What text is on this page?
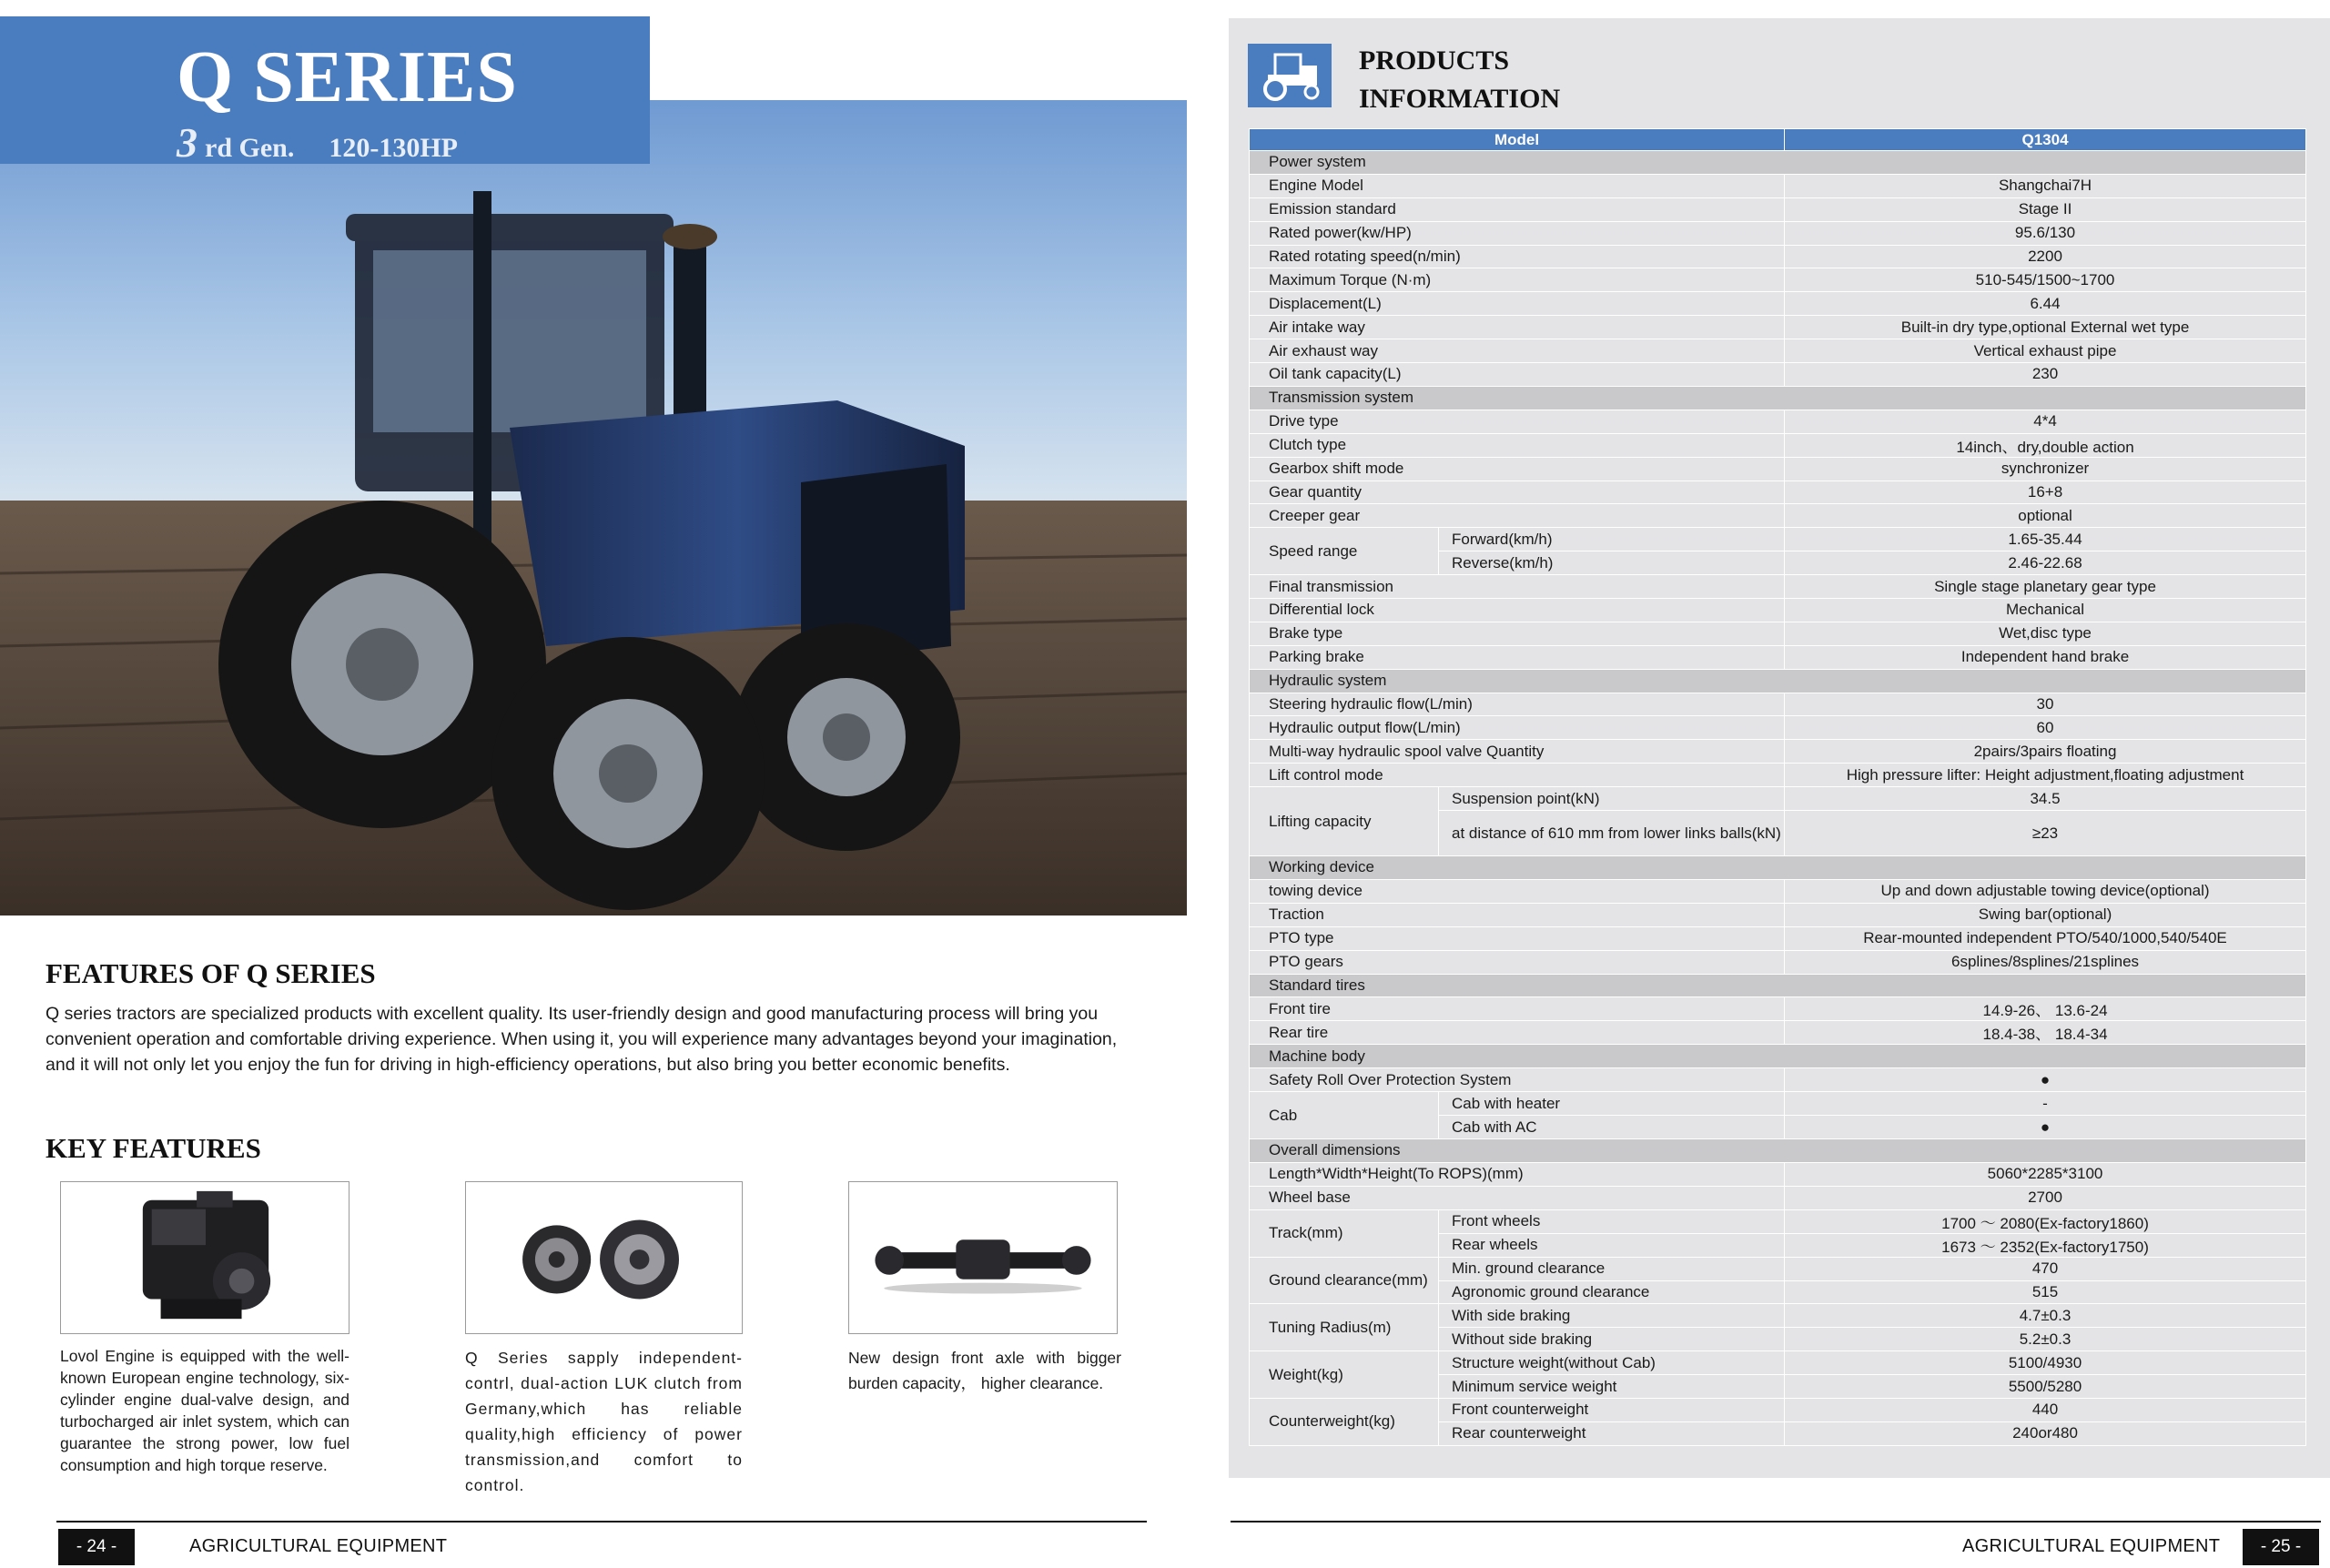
Q SERIES
3 rd Gen. 120-130HP
FEATURES OF Q SERIES

Q series tractors are specialized products with excellent quality. Its user-friendly design and good manufacturing process will bring you convenient operation and comfortable driving experience. When using it, you will experience many advantages beyond your imagination, and it will not only let you enjoy the fun for driving in high-efficiency operations, but also bring you better economic benefits.

KEY FEATURES

Lovol Engine is equipped with the well-known European engine technology, six-cylinder engine dual-valve design, and turbocharged air inlet system, which can guarantee the strong power, low fuel consumption and high torque reserve.

Q Series sapply independent-contrl, dual-action LUK clutch from Germany,which has reliable quality,high efficiency of power transmission,and comfort to control.

New design front axle with bigger burden capacity， higher clearance.

- 24 -	AGRICULTURAL EQUIPMENT
PRODUCTS
INFORMATION
Model		Q1304
Power system		
Engine Model		Shangchai7H
Emission standard		Stage II
Rated power(kw/HP)		95.6/130
Rated rotating speed(n/min)		2200
Maximum Torque (N·m)		510-545/1500~1700
Displacement(L)		6.44
Air intake way		Built-in dry type,optional External wet type
Air exhaust way		Vertical exhaust pipe
Oil tank capacity(L)		230
Transmission system		
Drive type		4*4
Clutch type		14inch、dry,double action
Gearbox shift mode		synchronizer
Gear quantity		16+8
Creeper gear		optional
Speed range	Forward(km/h)	1.65-35.44
	Reverse(km/h)	2.46-22.68
Final transmission		Single stage planetary gear type
Differential lock		Mechanical
Brake type		Wet,disc type
Parking brake		Independent hand brake
Hydraulic system		
Steering hydraulic flow(L/min)		30
Hydraulic output flow(L/min)		60
Multi-way hydraulic spool valve Quantity		2pairs/3pairs floating
Lift control mode		High pressure lifter: Height adjustment,floating adjustment
Lifting capacity	Suspension point(kN)	34.5
	at distance of 610 mm from lower links balls(kN)	≥23
Working device		
towing device		Up and down adjustable towing device(optional)
Traction		Swing bar(optional)
PTO type		Rear-mounted independent PTO/540/1000,540/540E
PTO gears		6splines/8splines/21splines
Standard tires		
Front tire		14.9-26、 13.6-24
Rear tire		18.4-38、 18.4-34
Machine body		
Safety Roll Over Protection System		●
Cab	Cab with heater	-
	Cab with AC	●
Overall dimensions		
Length*Width*Height(To ROPS)(mm)		5060*2285*3100
Wheel base		2700
Track(mm)	Front wheels	1700 ～ 2080(Ex-factory1860)
	Rear wheels	1673 ～ 2352(Ex-factory1750)
Ground clearance(mm)	Min. ground clearance	470
	Agronomic ground clearance	515
Tuning Radius(m)	With side braking	4.7±0.3
	Without side braking	5.2±0.3
Weight(kg)	Structure weight(without Cab)	5100/4930
	Minimum service weight	5500/5280
Counterweight(kg)	Front counterweight	440
	Rear counterweight	240or480
AGRICULTURAL EQUIPMENT	- 25 -
